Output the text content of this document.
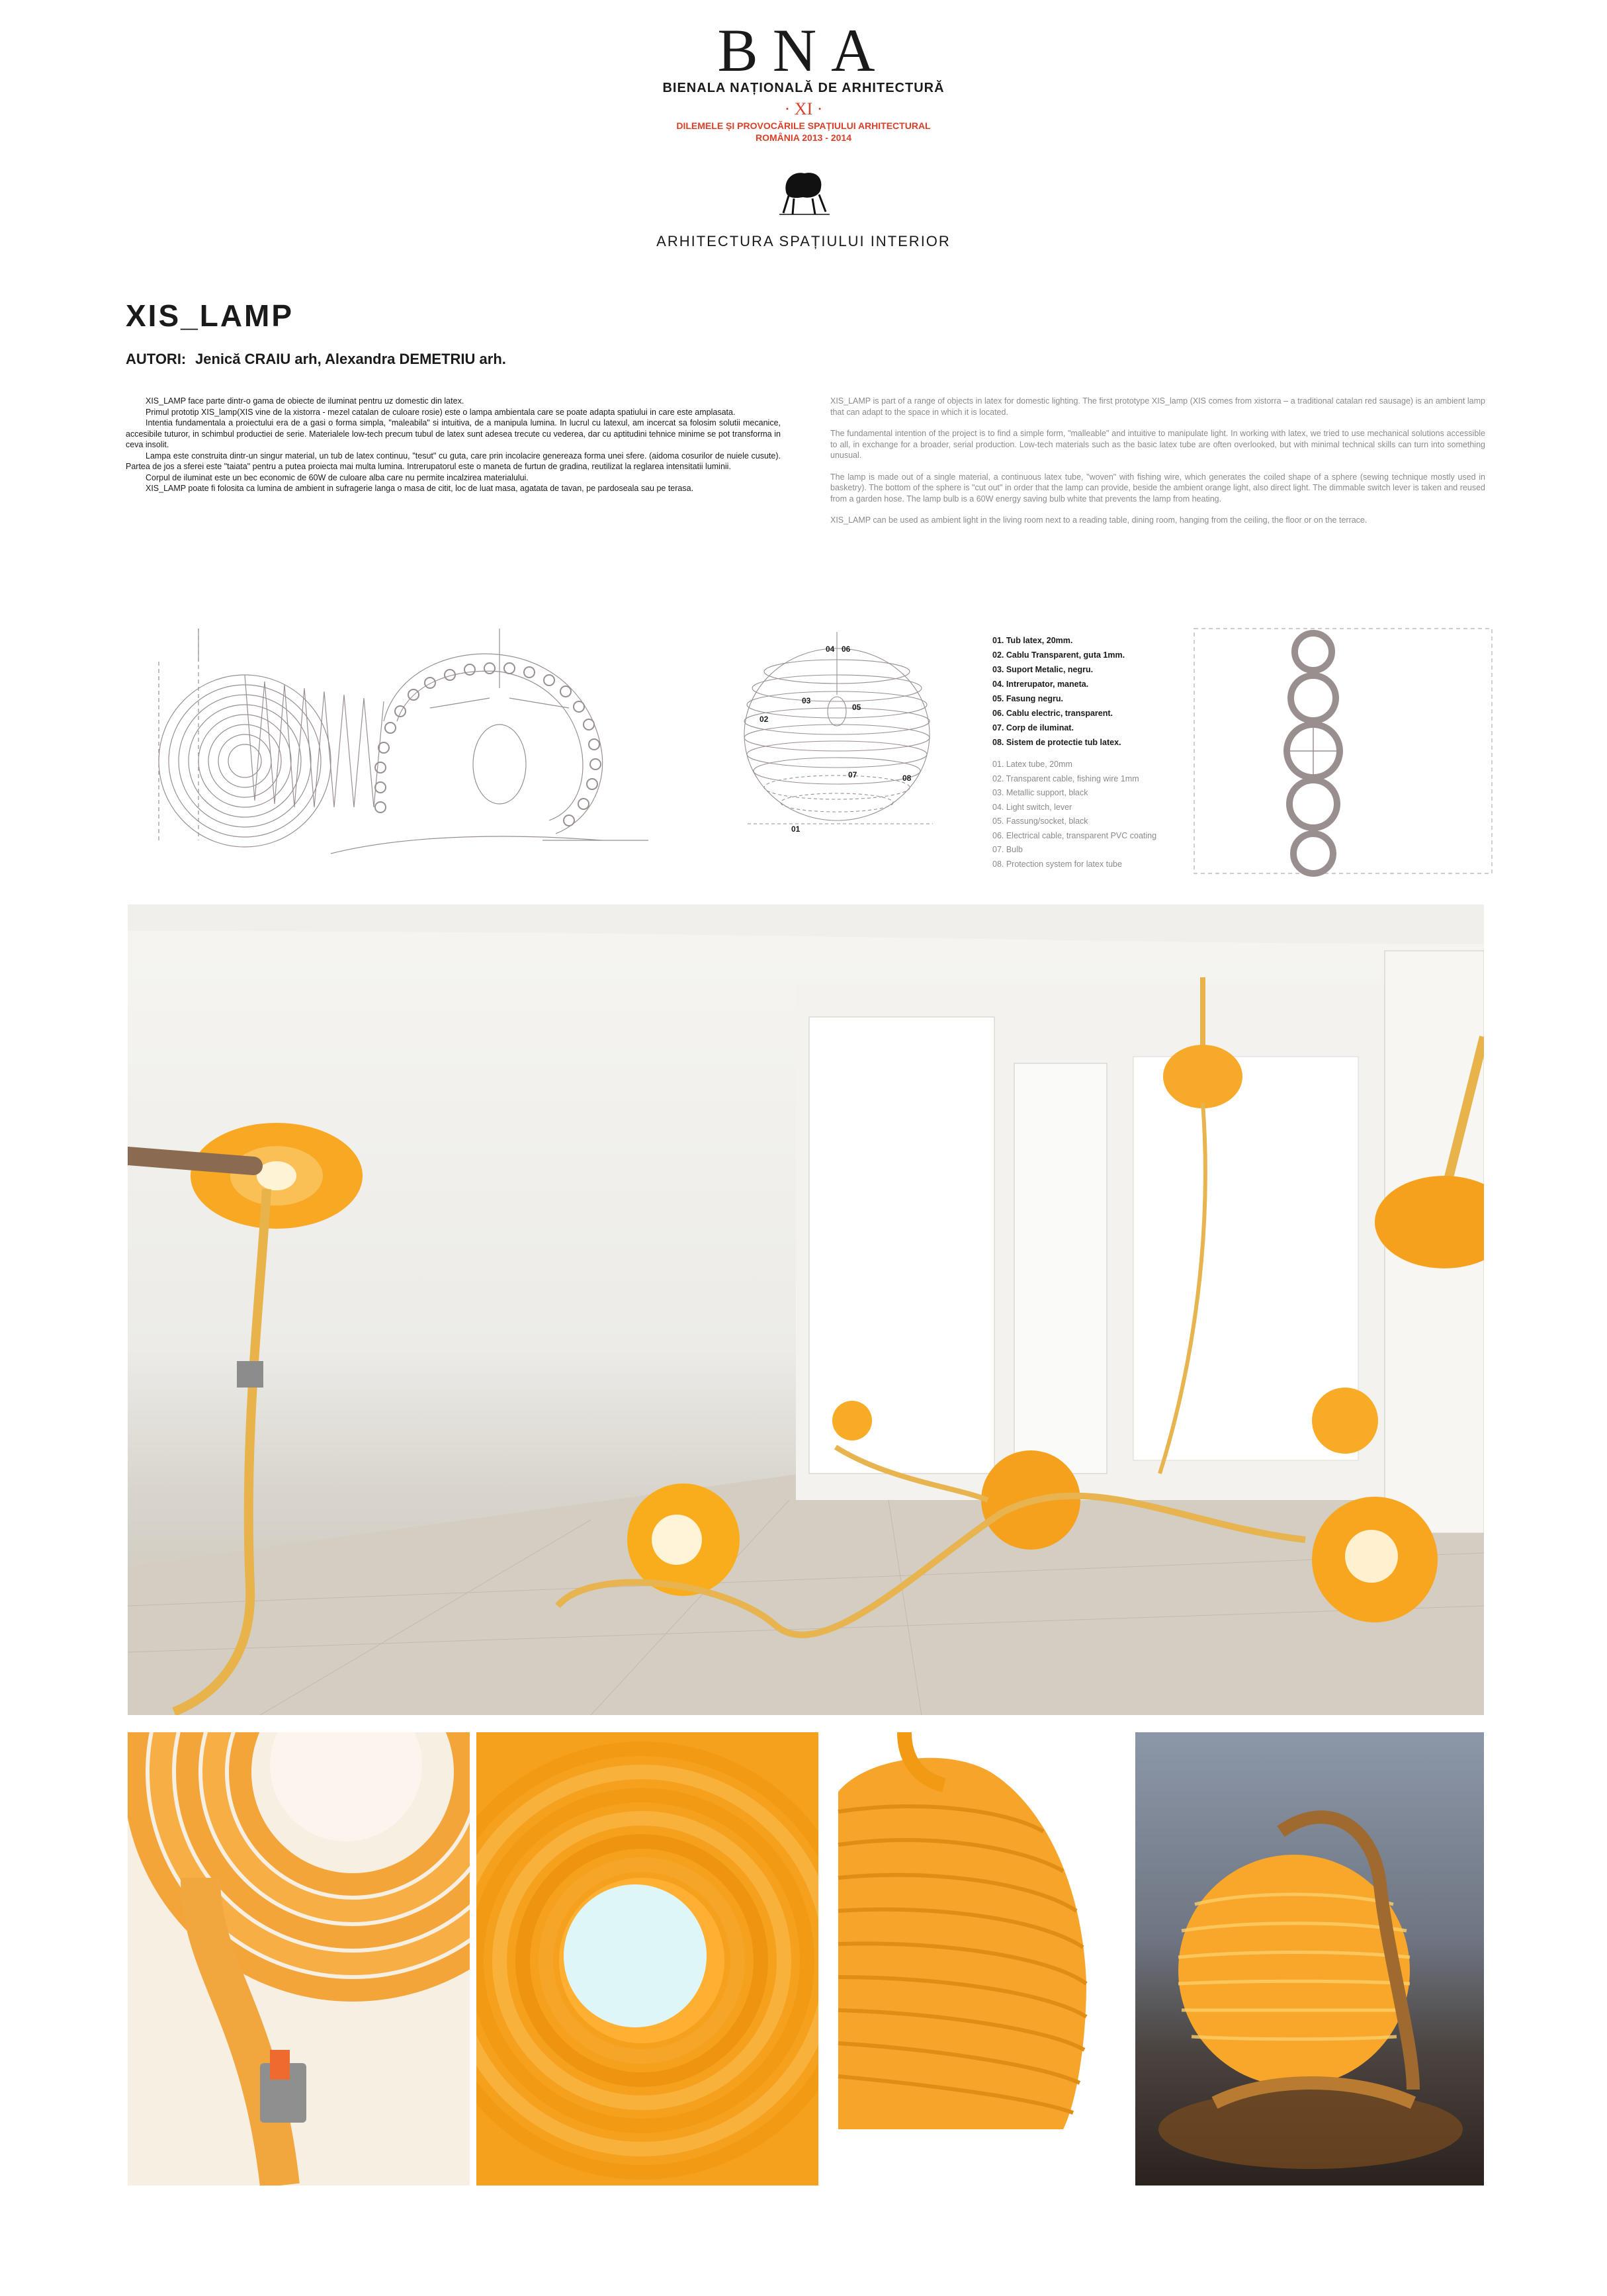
BNA
BIENALA NAȚIONALĂ DE ARHITECTURĂ
· XI ·
DILEMELE ȘI PROVOCĂRILE SPAȚIULUI ARHITECTURAL
ROMÂNIA 2013 - 2014
ARHITECTURA SPAȚIULUI INTERIOR
XIS_LAMP
AUTORI: Jenică CRAIU arh, Alexandra DEMETRIU arh.

XIS_LAMP face parte dintr-o gama de obiecte de iluminat pentru uz domestic din latex.

Primul prototip XIS_lamp(XIS vine de la xistorra - mezel catalan de culoare rosie) este o lampa ambientala care se poate adapta spatiului in care este amplasata.

Intentia fundamentala a proiectului era de a gasi o forma simpla, "maleabila" si intuitiva, de a manipula lumina. In lucrul cu latexul, am incercat sa folosim solutii mecanice, accesibile tuturor, in schimbul productiei de serie. Materialele low-tech precum tubul de latex sunt adesea trecute cu vederea, dar cu aptitudini tehnice minime se pot transforma in ceva insolit.

Lampa este construita dintr-un singur material, un tub de latex continuu, "tesut" cu guta, care prin incolacire genereaza forma unei sfere. (aidoma cosurilor de nuiele cusute). Partea de jos a sferei este "taiata" pentru a putea proiecta mai multa lumina. Intrerupatorul este o maneta de furtun de gradina, reutilizat la reglarea intensitatii luminii.

Corpul de iluminat este un bec economic de 60W de culoare alba care nu permite incalzirea materialului.

XIS_LAMP poate fi folosita ca lumina de ambient in sufragerie langa o masa de citit, loc de luat masa, agatata de tavan, pe pardoseala sau pe terasa.

XIS_LAMP is part of a range of objects in latex for domestic lighting. The first prototype XIS_lamp (XIS comes from xistorra – a traditional catalan red sausage) is an ambient lamp that can adapt to the space in which it is located.

The fundamental intention of the project is to find a simple form, "malleable" and intuitive to manipulate light. In working with latex, we tried to use mechanical solutions accessible to all, in exchange for a broader, serial production. Low-tech materials such as the basic latex tube are often overlooked, but with minimal technical skills can turn into something unusual.

The lamp is made out of a single material, a continuous latex tube, "woven" with fishing wire, which generates the coiled shape of a sphere (sewing technique mostly used in basketry). The bottom of the sphere is "cut out" in order that the lamp can provide, beside the ambient orange light, also direct light. The dimmable switch lever is taken and reused from a garden hose. The lamp bulb is a 60W energy saving bulb white that prevents the lamp from heating.

XIS_LAMP can be used as ambient light in the living room next to a reading table, dining room, hanging from the ceiling, the floor or on the terrace.

04 06
02
03
05
07	08
01
01. Tub latex, 20mm.
02. Cablu Transparent, guta 1mm.
03. Suport Metalic, negru.
04. Intrerupator, maneta.
05. Fasung negru.
06. Cablu electric, transparent.
07. Corp de iluminat.
08. Sistem de protectie tub latex.
01. Latex tube, 20mm
02. Transparent cable, fishing wire 1mm
03. Metallic support, black
04. Light switch, lever
05. Fassung/socket, black
06. Electrical cable, transparent PVC coating
07. Bulb
08. Protection system for latex tube
